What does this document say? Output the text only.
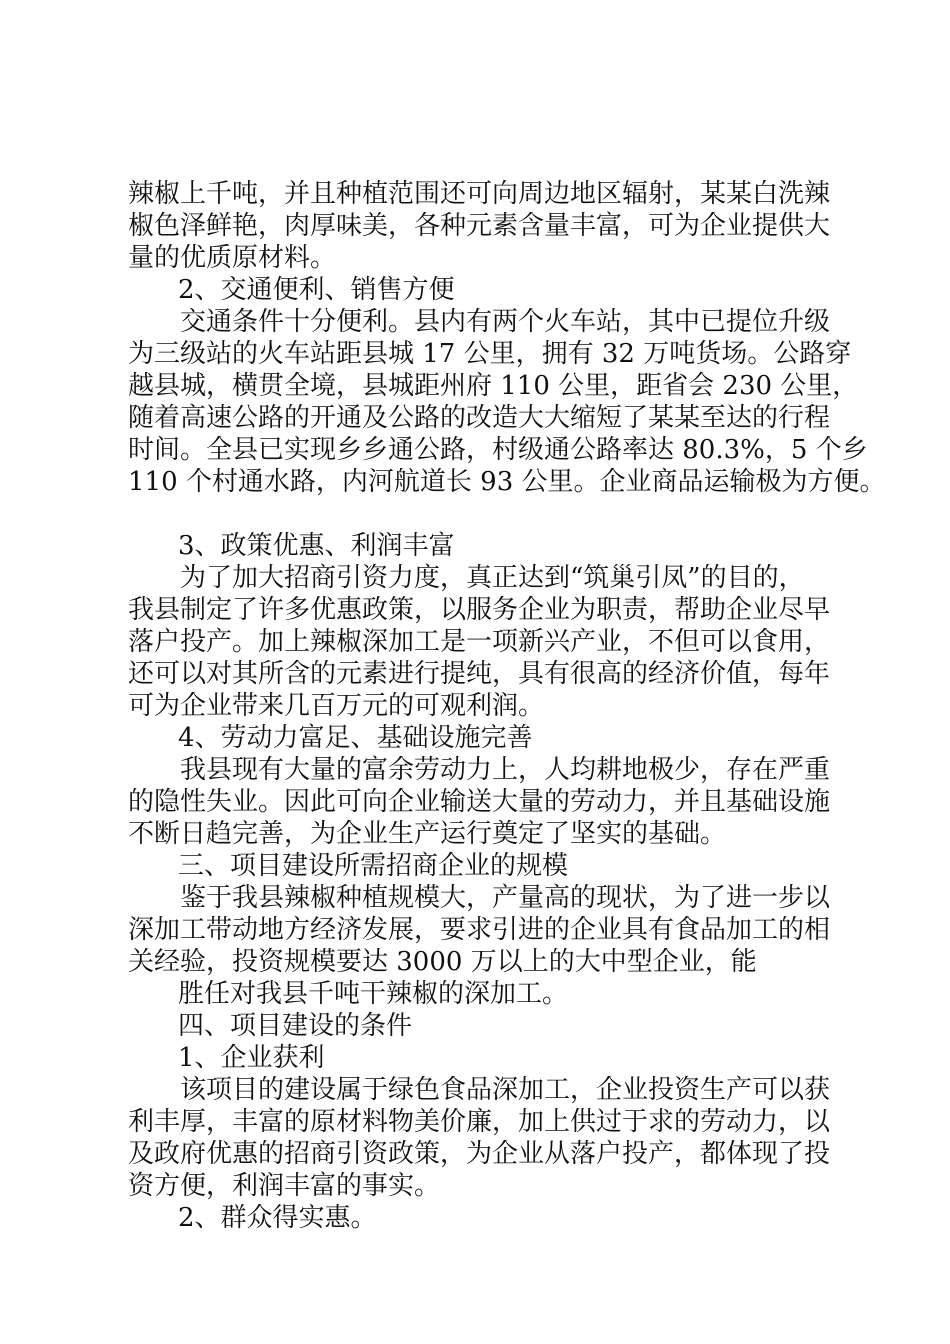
辣椒上千吨，并且种植范围还可向周边地区辐射，某某白洗辣
椒色泽鲜艳，肉厚味美，各种元素含量丰富，可为企业提供大
量的优质原材料。
2、交通便利、销售方便
交通条件十分便利。县内有两个火车站，其中已提位升级
为三级站的火车站距县城 17 公里，拥有 32 万吨货场。公路穿
越县城，横贯全境，县城距州府 110 公里，距省会 230 公里，
随着高速公路的开通及公路的改造大大缩短了某某至达的行程
时间。全县已实现乡乡通公路，村级通公路率达 80.3%，5 个乡
110 个村通水路，内河航道长 93 公里。企业商品运输极为方便。
3、政策优惠、利润丰富
为了加大招商引资力度，真正达到“筑巢引凤”的目的，
我县制定了许多优惠政策，以服务企业为职责，帮助企业尽早
落户投产。加上辣椒深加工是一项新兴产业，不但可以食用，
还可以对其所含的元素进行提纯，具有很高的经济价值，每年
可为企业带来几百万元的可观利润。
4、劳动力富足、基础设施完善
我县现有大量的富余劳动力上，人均耕地极少，存在严重
的隐性失业。因此可向企业输送大量的劳动力，并且基础设施
不断日趋完善，为企业生产运行奠定了坚实的基础。
三、项目建设所需招商企业的规模
鉴于我县辣椒种植规模大，产量高的现状，为了进一步以
深加工带动地方经济发展，要求引进的企业具有食品加工的相
关经验，投资规模要达 3000 万以上的大中型企业，能
胜任对我县千吨干辣椒的深加工。
四、项目建设的条件
1、企业获利
该项目的建设属于绿色食品深加工，企业投资生产可以获
利丰厚，丰富的原材料物美价廉，加上供过于求的劳动力，以
及政府优惠的招商引资政策，为企业从落户投产，都体现了投
资方便，利润丰富的事实。
2、群众得实惠。
